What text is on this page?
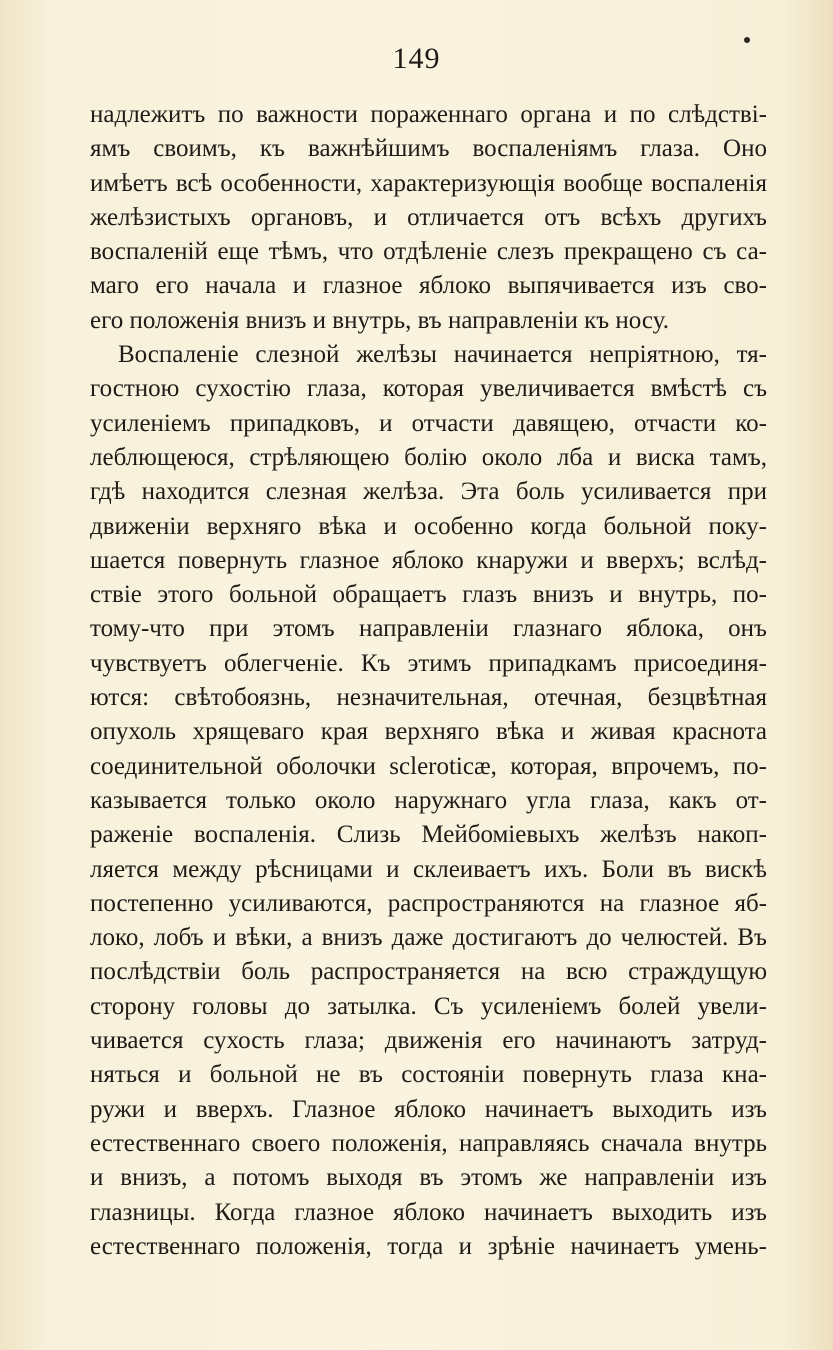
149
надлежитъ по важности пораженнаго органа и по слѣдствi-
ямъ своимъ, къ важнѣйшимъ воспаленiямъ глаза. Оно
имѣетъ всѣ особенности, характеризующiя вообще воспаленiя
желѣзистыхъ органовъ, и отличается отъ всѣхъ другихъ
воспаленiй еще тѣмъ, что отдѣленiе слезъ прекращено съ са-
маго его начала и глазное яблоко выпячивается изъ сво-
его положенiя внизъ и внутрь, въ направленiи къ носу.
Воспаленiе слезной желѣзы начинается непрiятною, тя-
гостною сухостiю глаза, которая увеличивается вмѣстѣ съ
усиленiемъ припадковъ, и отчасти давящею, отчасти ко-
леблющеюся, стрѣляющею болiю около лба и виска тамъ,
гдѣ находится слезная желѣза. Эта боль усиливается при
движенiи верхняго вѣка и особенно когда больной поку-
шается повернуть глазное яблоко кнаружи и вверхъ; вслѣд-
ствiе этого больной обращаетъ глазъ внизъ и внутрь, по-
тому-что при этомъ направленiи глазнаго яблока, онъ
чувствуетъ облегченiе. Къ этимъ припадкамъ присоединя-
ются: свѣтобоязнь, незначительная, отечная, безцвѣтная
опухоль хрящеваго края верхняго вѣка и живая краснота
соединительной оболочки scleroticæ, которая, впрочемъ, по-
казывается только около наружнаго угла глаза, какъ от-
раженiе воспаленiя. Слизь Мейбомiевыхъ желѣзъ накоп-
ляется между рѣсницами и склеиваетъ ихъ. Боли въ вискѣ
постепенно усиливаются, распространяются на глазное яб-
локо, лобъ и вѣки, а внизъ даже достигаютъ до челюстей. Въ
послѣдствiи боль распространяется на всю страждущую
сторону головы до затылка. Съ усиленiемъ болей увели-
чивается сухость глаза; движенiя его начинаютъ затруд-
няться и больной не въ состоянiи повернуть глаза кна-
ружи и вверхъ. Глазное яблоко начинаетъ выходить изъ
естественнаго своего положенiя, направляясь сначала внутрь
и внизъ, а потомъ выходя въ этомъ же направленiи изъ
глазницы. Когда глазное яблоко начинаетъ выходить изъ
естественнаго положенiя, тогда и зрѣнiе начинаетъ умень-
